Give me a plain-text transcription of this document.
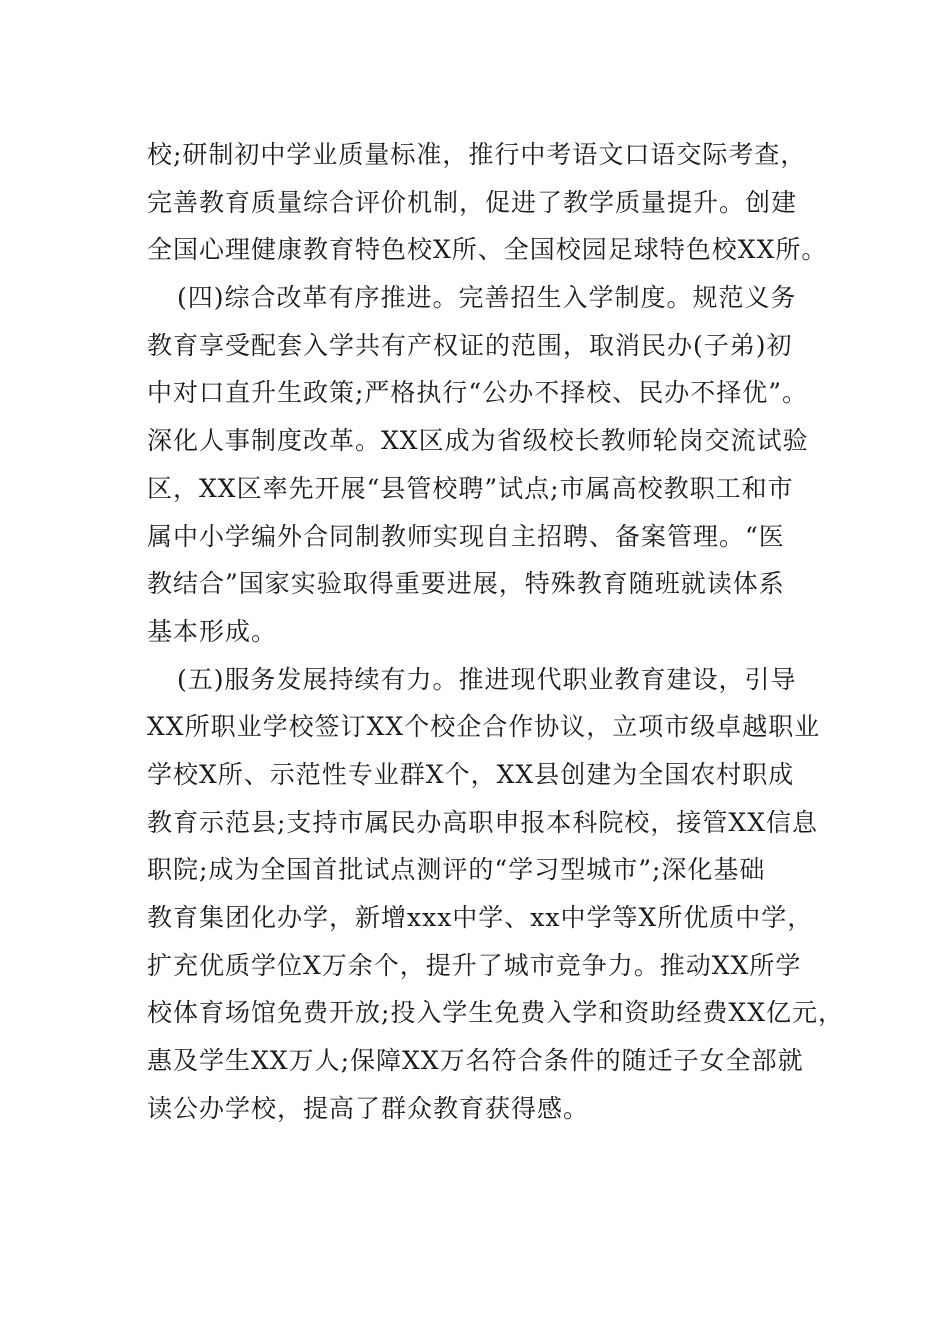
校;研制初中学业质量标准，推行中考语文口语交际考查，
完善教育质量综合评价机制，促进了教学质量提升。创建
全国心理健康教育特色校X所、全国校园足球特色校XX所。
(四)综合改革有序推进。完善招生入学制度。规范义务
教育享受配套入学共有产权证的范围，取消民办(子弟)初
中对口直升生政策;严格执行“公办不择校、民办不择优”。
深化人事制度改革。XX区成为省级校长教师轮岗交流试验
区，XX区率先开展“县管校聘”试点;市属高校教职工和市
属中小学编外合同制教师实现自主招聘、备案管理。“医
教结合”国家实验取得重要进展，特殊教育随班就读体系
基本形成。
(五)服务发展持续有力。推进现代职业教育建设，引导
XX所职业学校签订XX个校企合作协议，立项市级卓越职业
学校X所、示范性专业群X个，XX县创建为全国农村职成
教育示范县;支持市属民办高职申报本科院校，接管XX信息
职院;成为全国首批试点测评的“学习型城市”;深化基础
教育集团化办学，新增xxx中学、xx中学等X所优质中学，
扩充优质学位X万余个，提升了城市竞争力。推动XX所学
校体育场馆免费开放;投入学生免费入学和资助经费XX亿元，
惠及学生XX万人;保障XX万名符合条件的随迁子女全部就
读公办学校，提高了群众教育获得感。
